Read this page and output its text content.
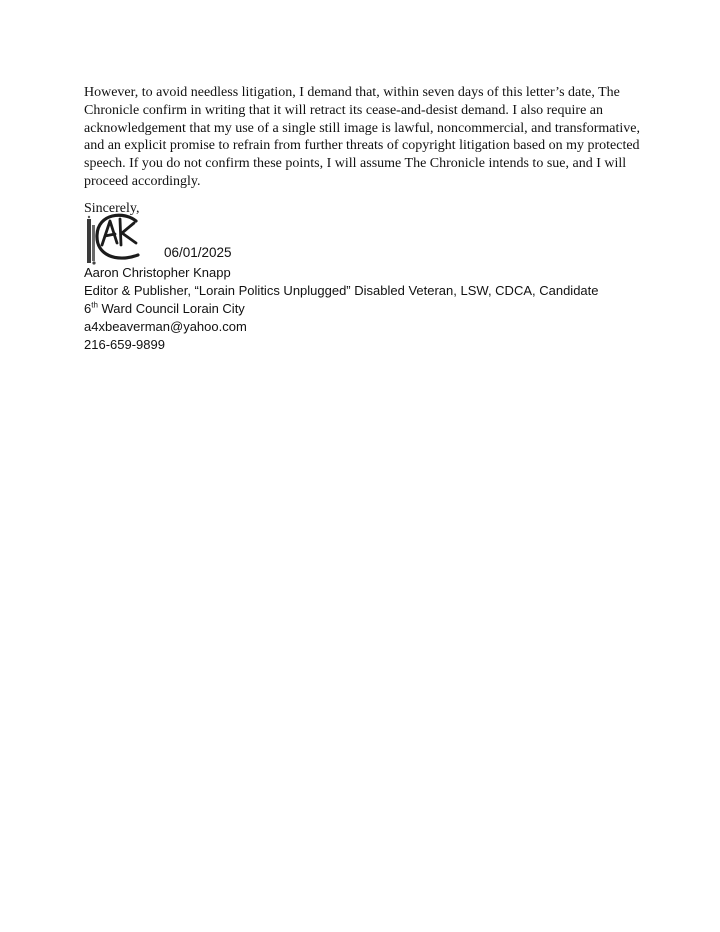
However, to avoid needless litigation, I demand that, within seven days of this letter’s date, The Chronicle confirm in writing that it will retract its cease-and-desist demand. I also require an acknowledgement that my use of a single still image is lawful, noncommercial, and transformative, and an explicit promise to refrain from further threats of copyright litigation based on my protected speech. If you do not confirm these points, I will assume The Chronicle intends to sue, and I will proceed accordingly.

Sincerely,

06/01/2025
Aaron Christopher Knapp
Editor & Publisher, “Lorain Politics Unplugged” Disabled Veteran, LSW, CDCA, Candidate
6th Ward Council Lorain City
a4xbeaverman@yahoo.com
216-659-9899
